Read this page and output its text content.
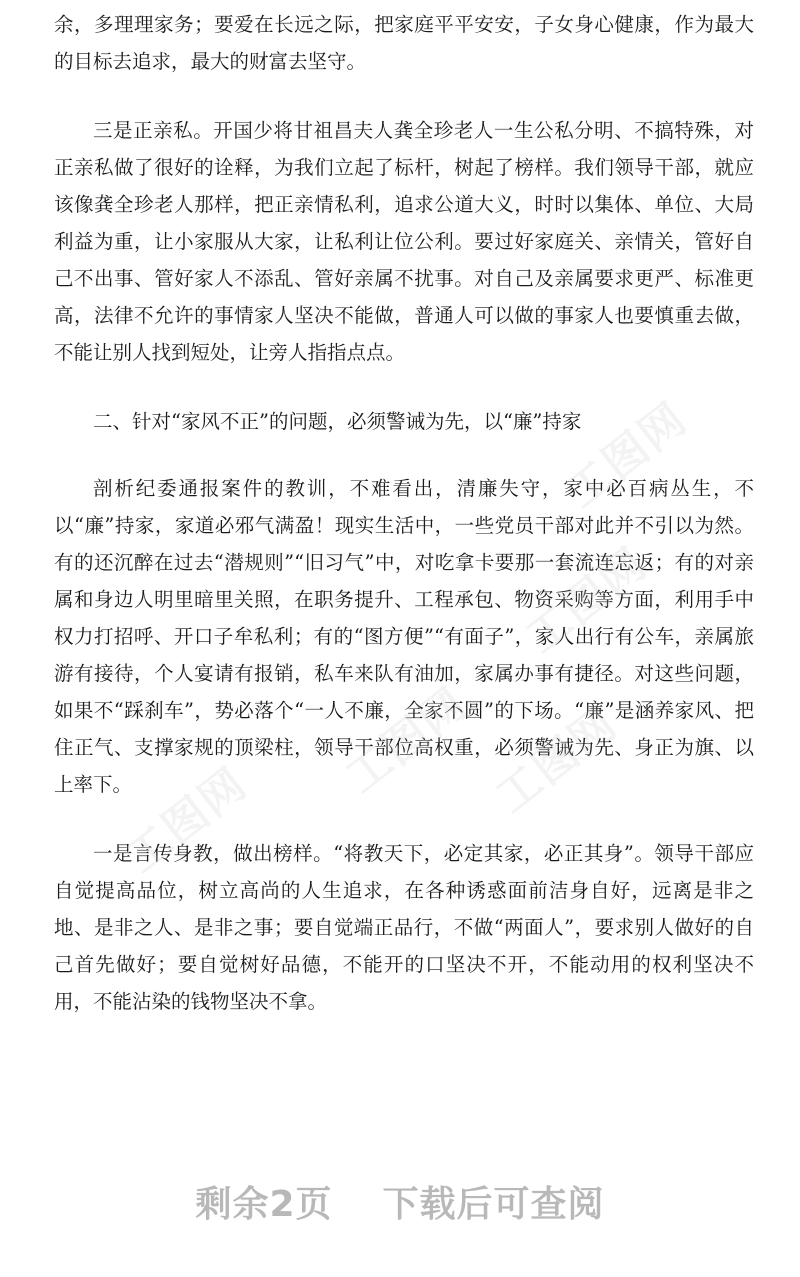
余，多理理家务；要爱在长远之际，把家庭平平安安，子女身心健康，作为最大的目标去追求，最大的财富去坚守。

三是正亲私。开国少将甘祖昌夫人龚全珍老人一生公私分明、不搞特殊，对正亲私做了很好的诠释，为我们立起了标杆，树起了榜样。我们领导干部，就应该像龚全珍老人那样，把正亲情私利，追求公道大义，时时以集体、单位、大局利益为重，让小家服从大家，让私利让位公利。要过好家庭关、亲情关，管好自己不出事、管好家人不添乱、管好亲属不扰事。对自己及亲属要求更严、标准更高，法律不允许的事情家人坚决不能做，普通人可以做的事家人也要慎重去做，不能让别人找到短处，让旁人指指点点。

二、针对“家风不正”的问题，必须警诫为先，以“廉”持家

剖析纪委通报案件的教训，不难看出，清廉失守，家中必百病丛生，不以“廉”持家，家道必邪气满盈！现实生活中，一些党员干部对此并不引以为然。有的还沉醉在过去“潜规则”“旧习气”中，对吃拿卡要那一套流连忘返；有的对亲属和身边人明里暗里关照，在职务提升、工程承包、物资采购等方面，利用手中权力打招呼、开口子牟私利；有的“图方便”“有面子”，家人出行有公车，亲属旅游有接待，个人宴请有报销，私车来队有油加，家属办事有捷径。对这些问题，如果不“踩刹车”，势必落个“一人不廉，全家不圆”的下场。“廉”是涵养家风、把住正气、支撑家规的顶梁柱，领导干部位高权重，必须警诫为先、身正为旗、以上率下。

一是言传身教，做出榜样。“将教天下，必定其家，必正其身”。领导干部应自觉提高品位，树立高尚的人生追求，在各种诱惑面前洁身自好，远离是非之地、是非之人、是非之事；要自觉端正品行，不做“两面人”，要求别人做好的自己首先做好；要自觉树好品德，不能开的口坚决不开，不能动用的权利坚决不用，不能沾染的钱物坚决不拿。

工图网
工图网
工图网
工图网 工图网
剩余2页 下载后可查阅
